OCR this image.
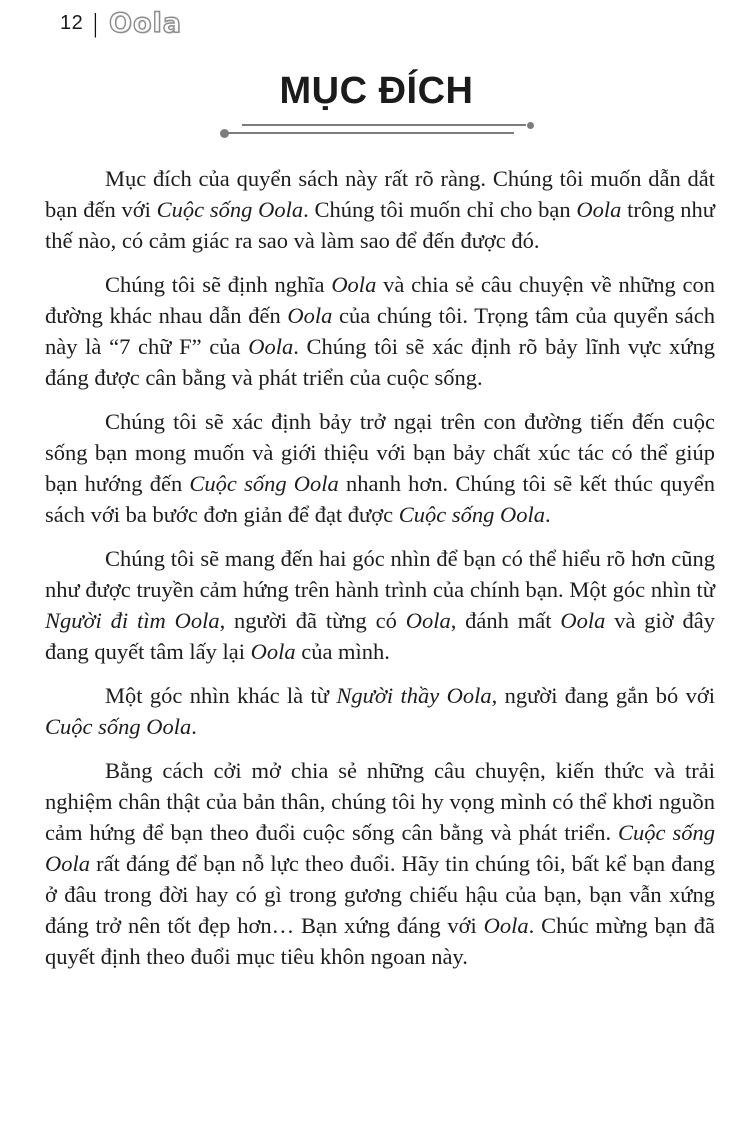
12 | Oola
MỤC ĐÍCH

Mục đích của quyển sách này rất rõ ràng. Chúng tôi muốn dẫn dắt bạn đến với Cuộc sống Oola. Chúng tôi muốn chỉ cho bạn Oola trông như thế nào, có cảm giác ra sao và làm sao để đến được đó.

Chúng tôi sẽ định nghĩa Oola và chia sẻ câu chuyện về những con đường khác nhau dẫn đến Oola của chúng tôi. Trọng tâm của quyển sách này là “7 chữ F” của Oola. Chúng tôi sẽ xác định rõ bảy lĩnh vực xứng đáng được cân bằng và phát triển của cuộc sống.

Chúng tôi sẽ xác định bảy trở ngại trên con đường tiến đến cuộc sống bạn mong muốn và giới thiệu với bạn bảy chất xúc tác có thể giúp bạn hướng đến Cuộc sống Oola nhanh hơn. Chúng tôi sẽ kết thúc quyển sách với ba bước đơn giản để đạt được Cuộc sống Oola.

Chúng tôi sẽ mang đến hai góc nhìn để bạn có thể hiểu rõ hơn cũng như được truyền cảm hứng trên hành trình của chính bạn. Một góc nhìn từ Người đi tìm Oola, người đã từng có Oola, đánh mất Oola và giờ đây đang quyết tâm lấy lại Oola của mình.

Một góc nhìn khác là từ Người thầy Oola, người đang gắn bó với Cuộc sống Oola.

Bằng cách cởi mở chia sẻ những câu chuyện, kiến thức và trải nghiệm chân thật của bản thân, chúng tôi hy vọng mình có thể khơi nguồn cảm hứng để bạn theo đuổi cuộc sống cân bằng và phát triển. Cuộc sống Oola rất đáng để bạn nỗ lực theo đuổi. Hãy tin chúng tôi, bất kể bạn đang ở đâu trong đời hay có gì trong gương chiếu hậu của bạn, bạn vẫn xứng đáng trở nên tốt đẹp hơn… Bạn xứng đáng với Oola. Chúc mừng bạn đã quyết định theo đuổi mục tiêu khôn ngoan này.
